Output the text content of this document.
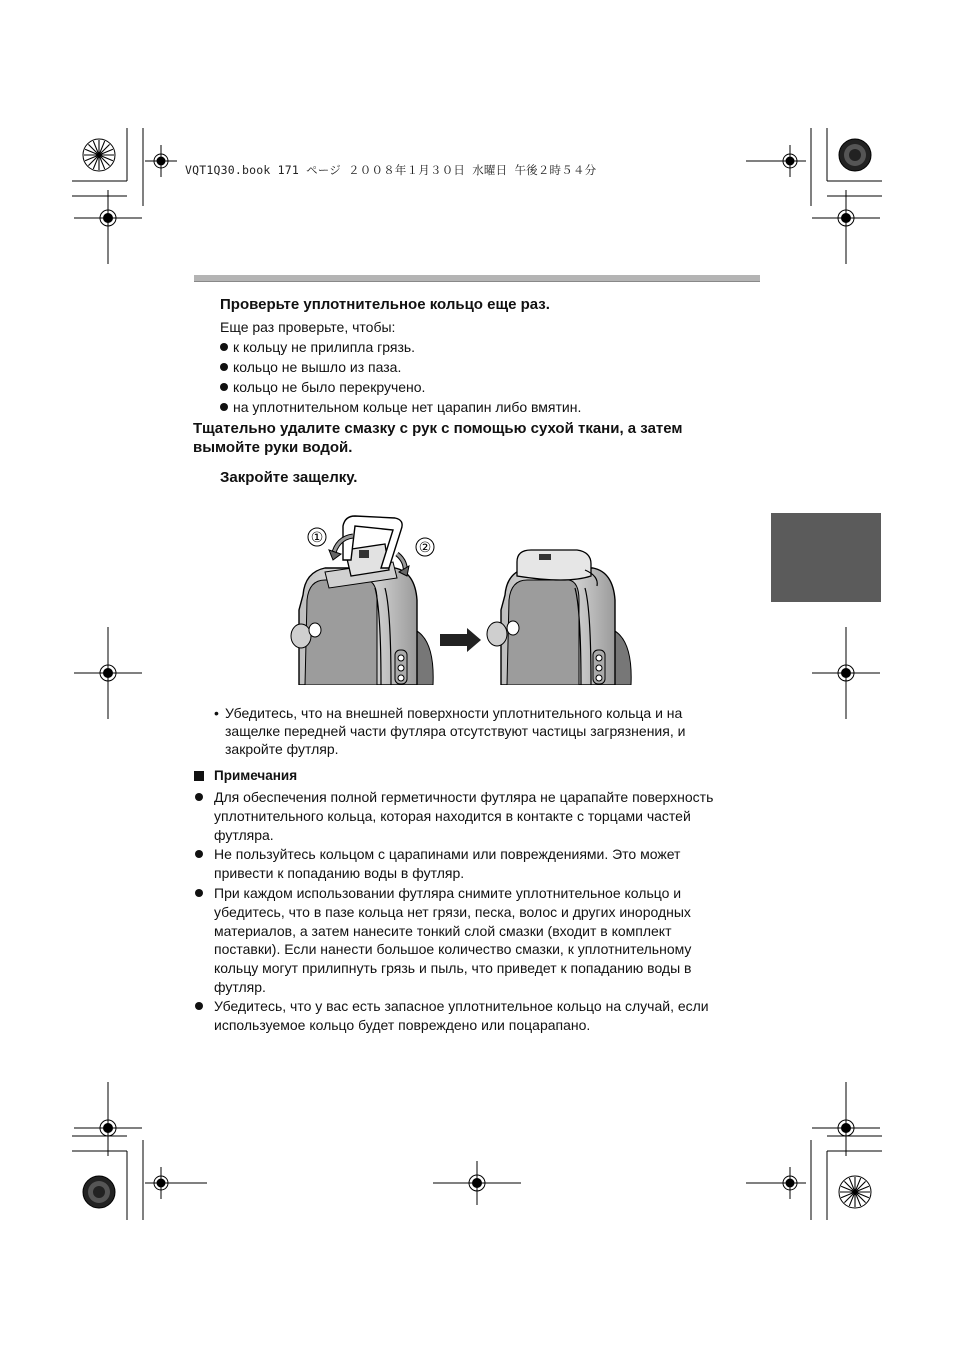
VQT1Q30.book 171 ページ ２００８年１月３０日 水曜日 午後２時５４分
Проверьте уплотнительное кольцо еще раз.
Еще раз проверьте, чтобы:
к кольцу не прилипла грязь.
кольцо не вышло из паза.
кольцо не было перекручено.
на уплотнительном кольце нет царапин либо вмятин.
Тщательно удалите смазку с рук с помощью сухой ткани, а затем
вымойте руки водой.
Закройте защелку.
①
②
• Убедитесь, что на внешней поверхности уплотнительного кольца и на
защелке передней части футляра отсутствуют частицы загрязнения, и
закройте футляр.
Примечания
Для обеспечения полной герметичности футляра не царапайте поверхность
уплотнительного кольца, которая находится в контакте с торцами частей
футляра.
Не пользуйтесь кольцом с царапинами или повреждениями. Это может
привести к попаданию воды в футляр.
При каждом использовании футляра снимите уплотнительное кольцо и
убедитесь, что в пазе кольца нет грязи, песка, волос и других инородных
материалов, а затем нанесите тонкий слой смазки (входит в комплект
поставки). Если нанести большое количество смазки, к уплотнительному
кольцу могут прилипнуть грязь и пыль, что приведет к попаданию воды в
футляр.
Убедитесь, что у вас есть запасное уплотнительное кольцо на случай, если
используемое кольцо будет повреждено или поцарапано.
